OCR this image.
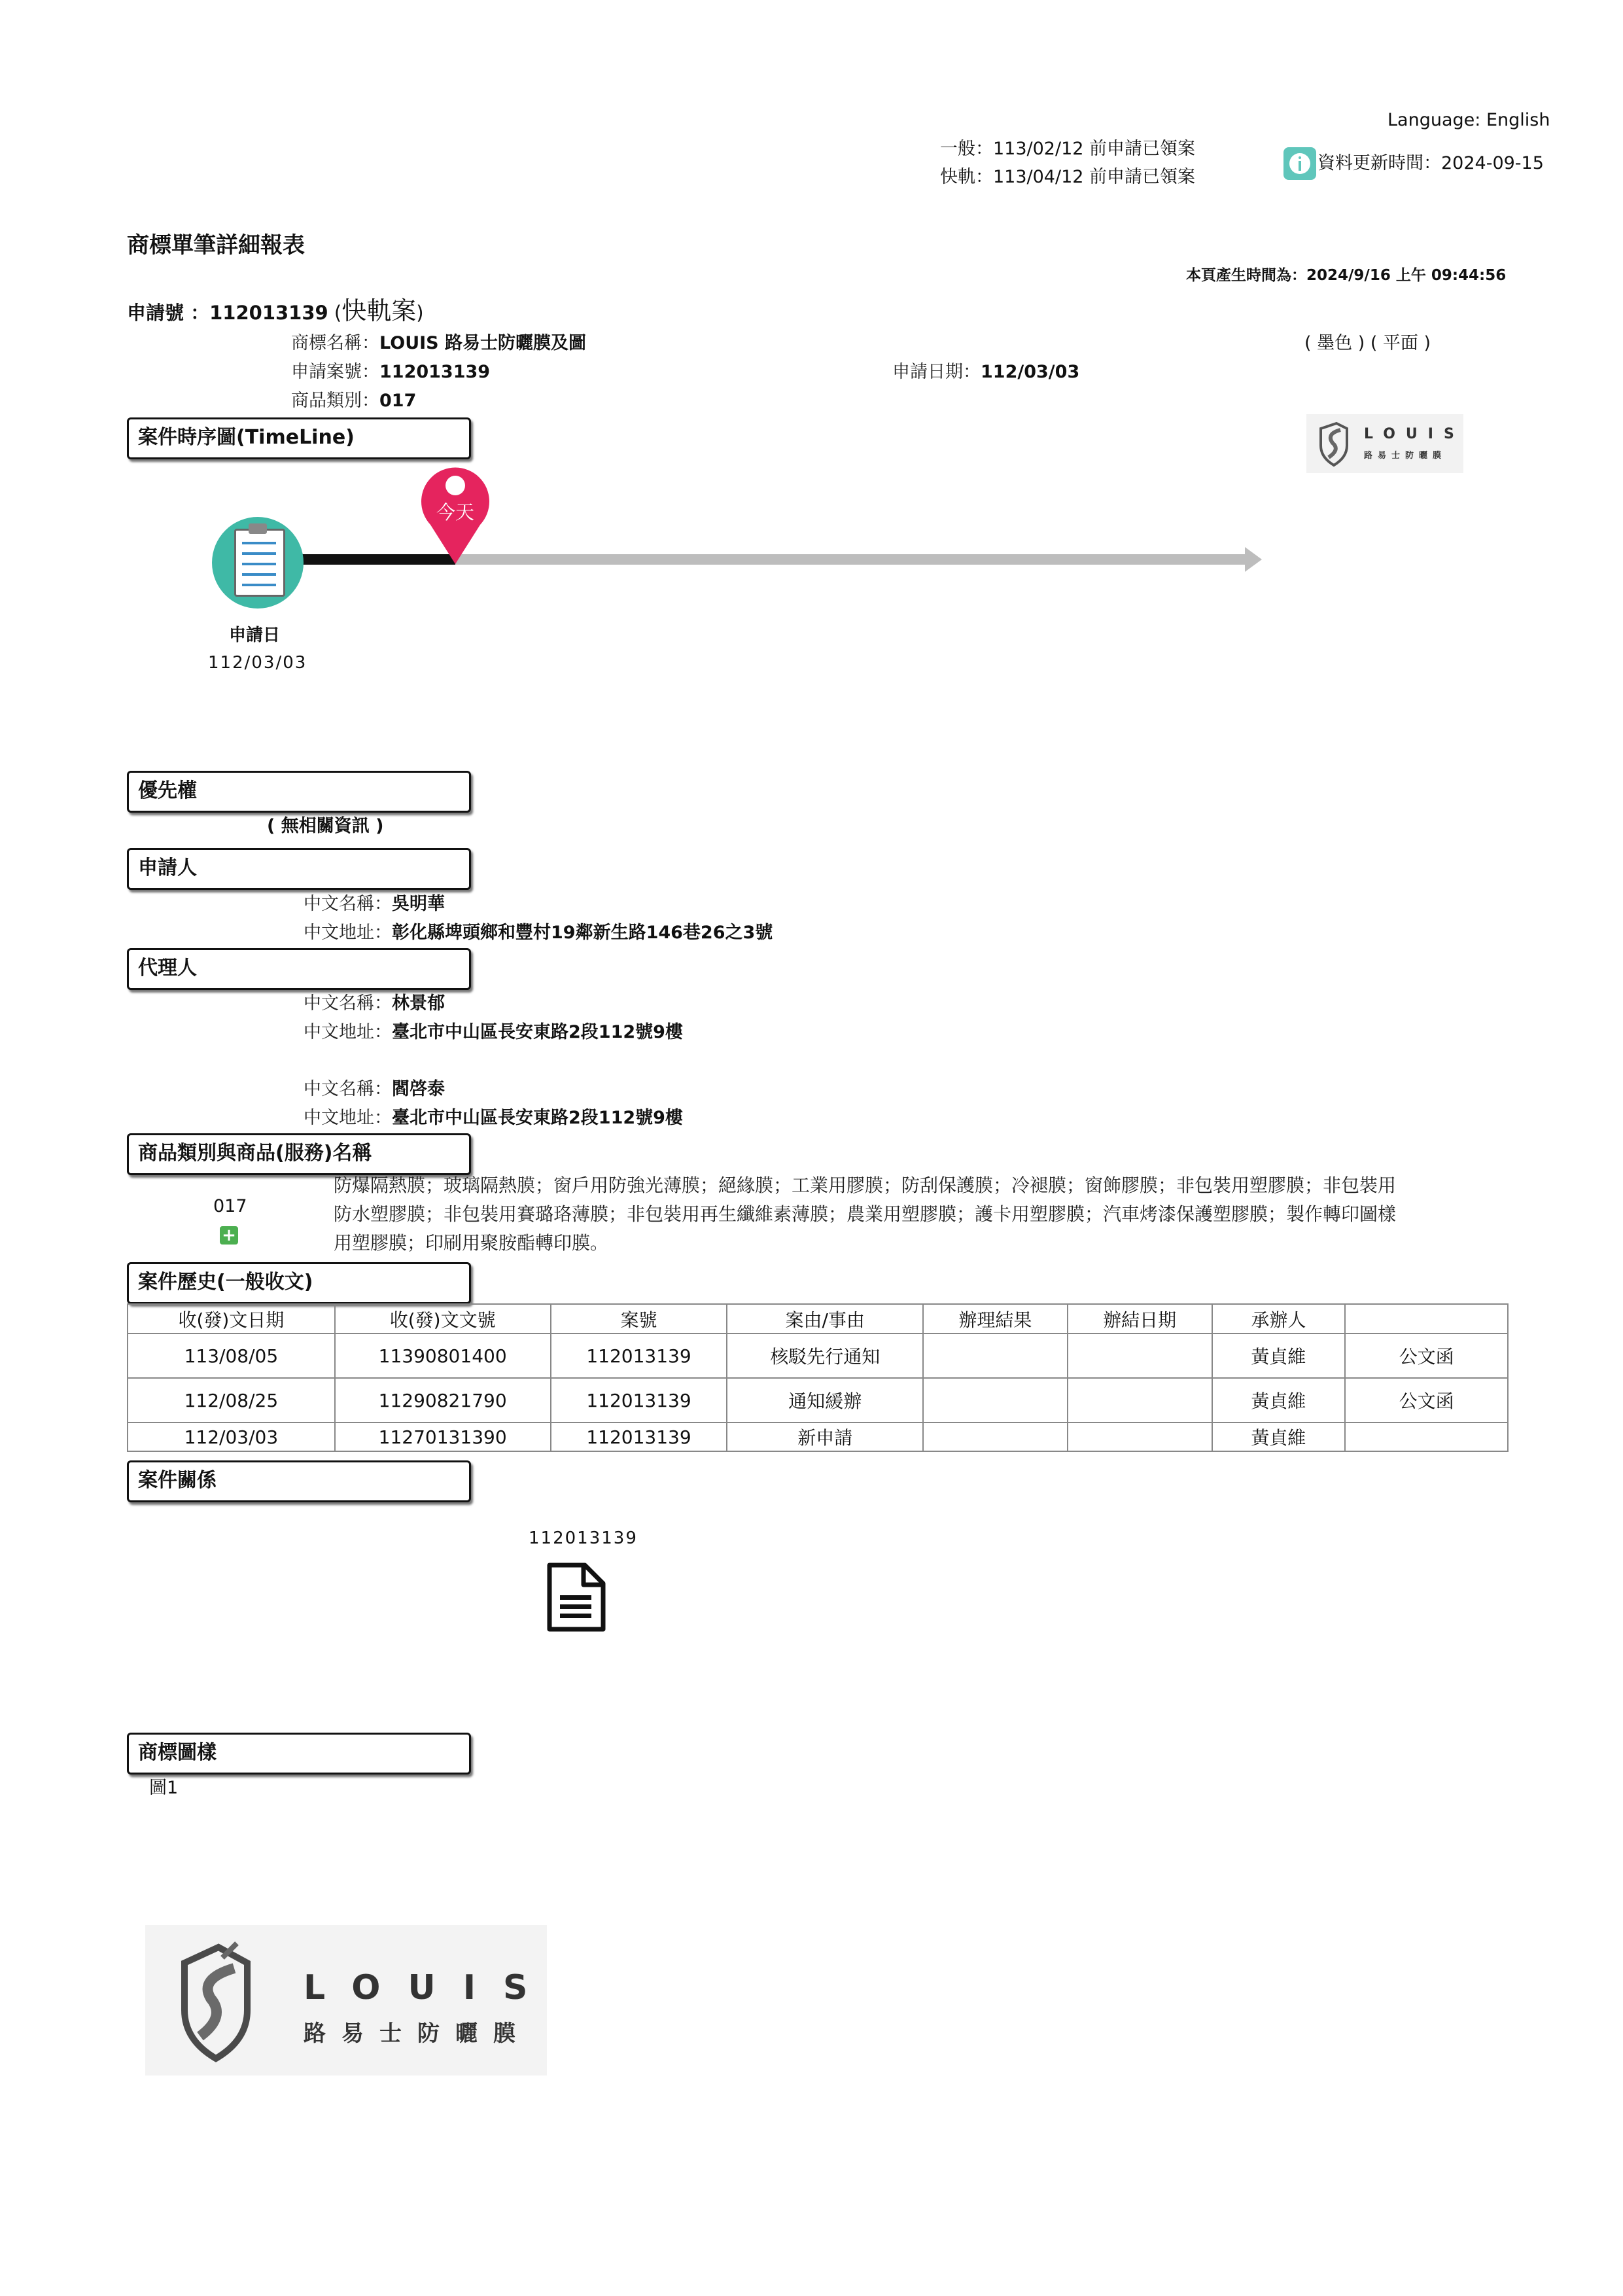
Language: English
一般：113/02/12 前申請已領案
快軌：113/04/12 前申請已領案
資料更新時間：2024-09-15
商標單筆詳細報表
本頁產生時間為：2024/9/16 上午 09:44:56
申請號 ：112013139 (快軌案)
商標名稱：LOUIS 路易士防曬膜及圖	( 墨色 ) ( 平面 )
申請案號：112013139	申請日期：112/03/03
商品類別：017
LOUIS
路易士防曬膜
案件時序圖(TimeLine)
申請日
112/03/03
今天
優先權
( 無相關資訊 )
申請人
中文名稱：吳明華
中文地址：彰化縣埤頭鄉和豐村19鄰新生路146巷26之3號
代理人
中文名稱：林景郁
中文地址：臺北市中山區長安東路2段112號9樓
中文名稱：閻啓泰
中文地址：臺北市中山區長安東路2段112號9樓
商品類別與商品(服務)名稱
017
+
防爆隔熱膜；玻璃隔熱膜；窗戶用防強光薄膜；絕緣膜；工業用膠膜；防刮保護膜；冷褪膜；窗飾膠膜；非包裝用塑膠膜；非包裝用
防水塑膠膜；非包裝用賽璐珞薄膜；非包裝用再生纖維素薄膜；農業用塑膠膜；護卡用塑膠膜；汽車烤漆保護塑膠膜；製作轉印圖樣
用塑膠膜；印刷用聚胺酯轉印膜。
案件歷史(一般收文)
收(發)文日期	收(發)文文號	案號	案由/事由	辦理結果	辦結日期	承辦人	
113/08/05	11390801400	112013139	核駁先行通知			黃貞維	公文函
112/08/25	11290821790	112013139	通知緩辦			黃貞維	公文函
112/03/03	11270131390	112013139	新申請			黃貞維	
案件關係
112013139
商標圖樣
圖1
LOUIS
路易士防曬膜
